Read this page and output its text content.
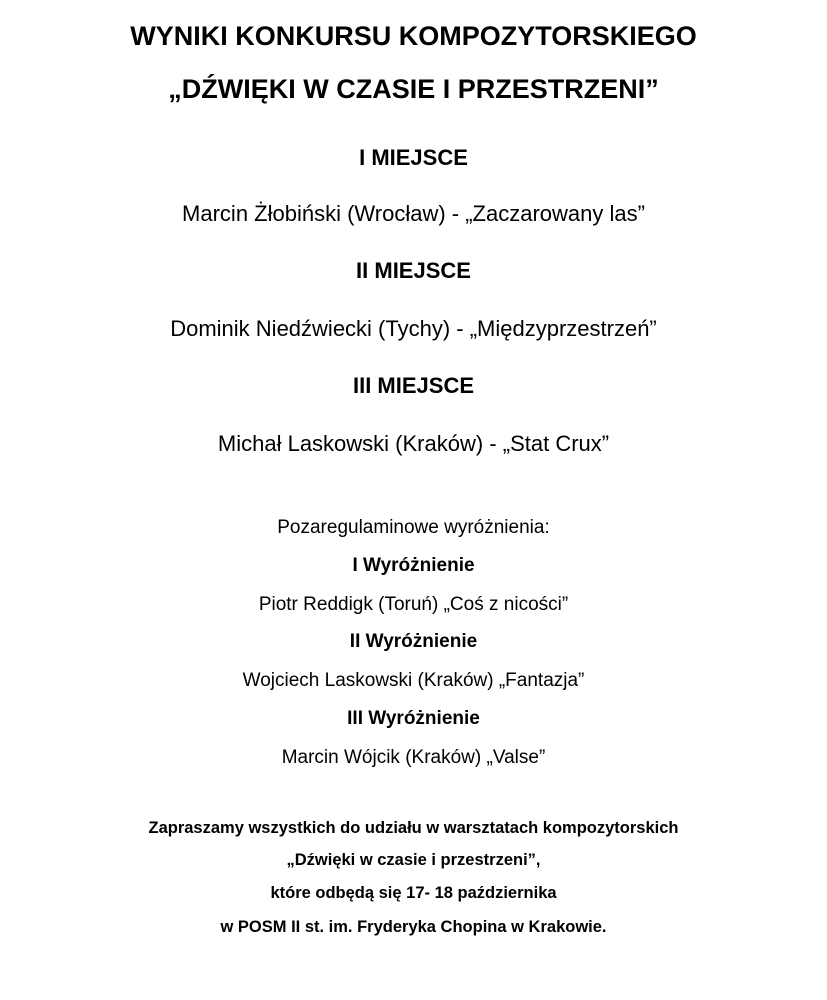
WYNIKI KONKURSU KOMPOZYTORSKIEGO
„DŹWIĘKI W CZASIE I PRZESTRZENI”
I MIEJSCE
Marcin Żłobiński (Wrocław) - „Zaczarowany las”
II MIEJSCE
Dominik Niedźwiecki (Tychy) - „Międzyprzestrzeń”
III MIEJSCE
Michał Laskowski (Kraków) - „Stat Crux”
Pozaregulaminowe wyróżnienia:
I Wyróżnienie
Piotr Reddigk (Toruń) „Coś z nicości”
II Wyróżnienie
Wojciech Laskowski (Kraków) „Fantazja”
III Wyróżnienie
Marcin Wójcik (Kraków) „Valse”
Zapraszamy wszystkich do udziału w warsztatach kompozytorskich
„Dźwięki w czasie i przestrzeni”,
które odbędą się 17- 18 października
w POSM II st. im. Fryderyka Chopina w Krakowie.
